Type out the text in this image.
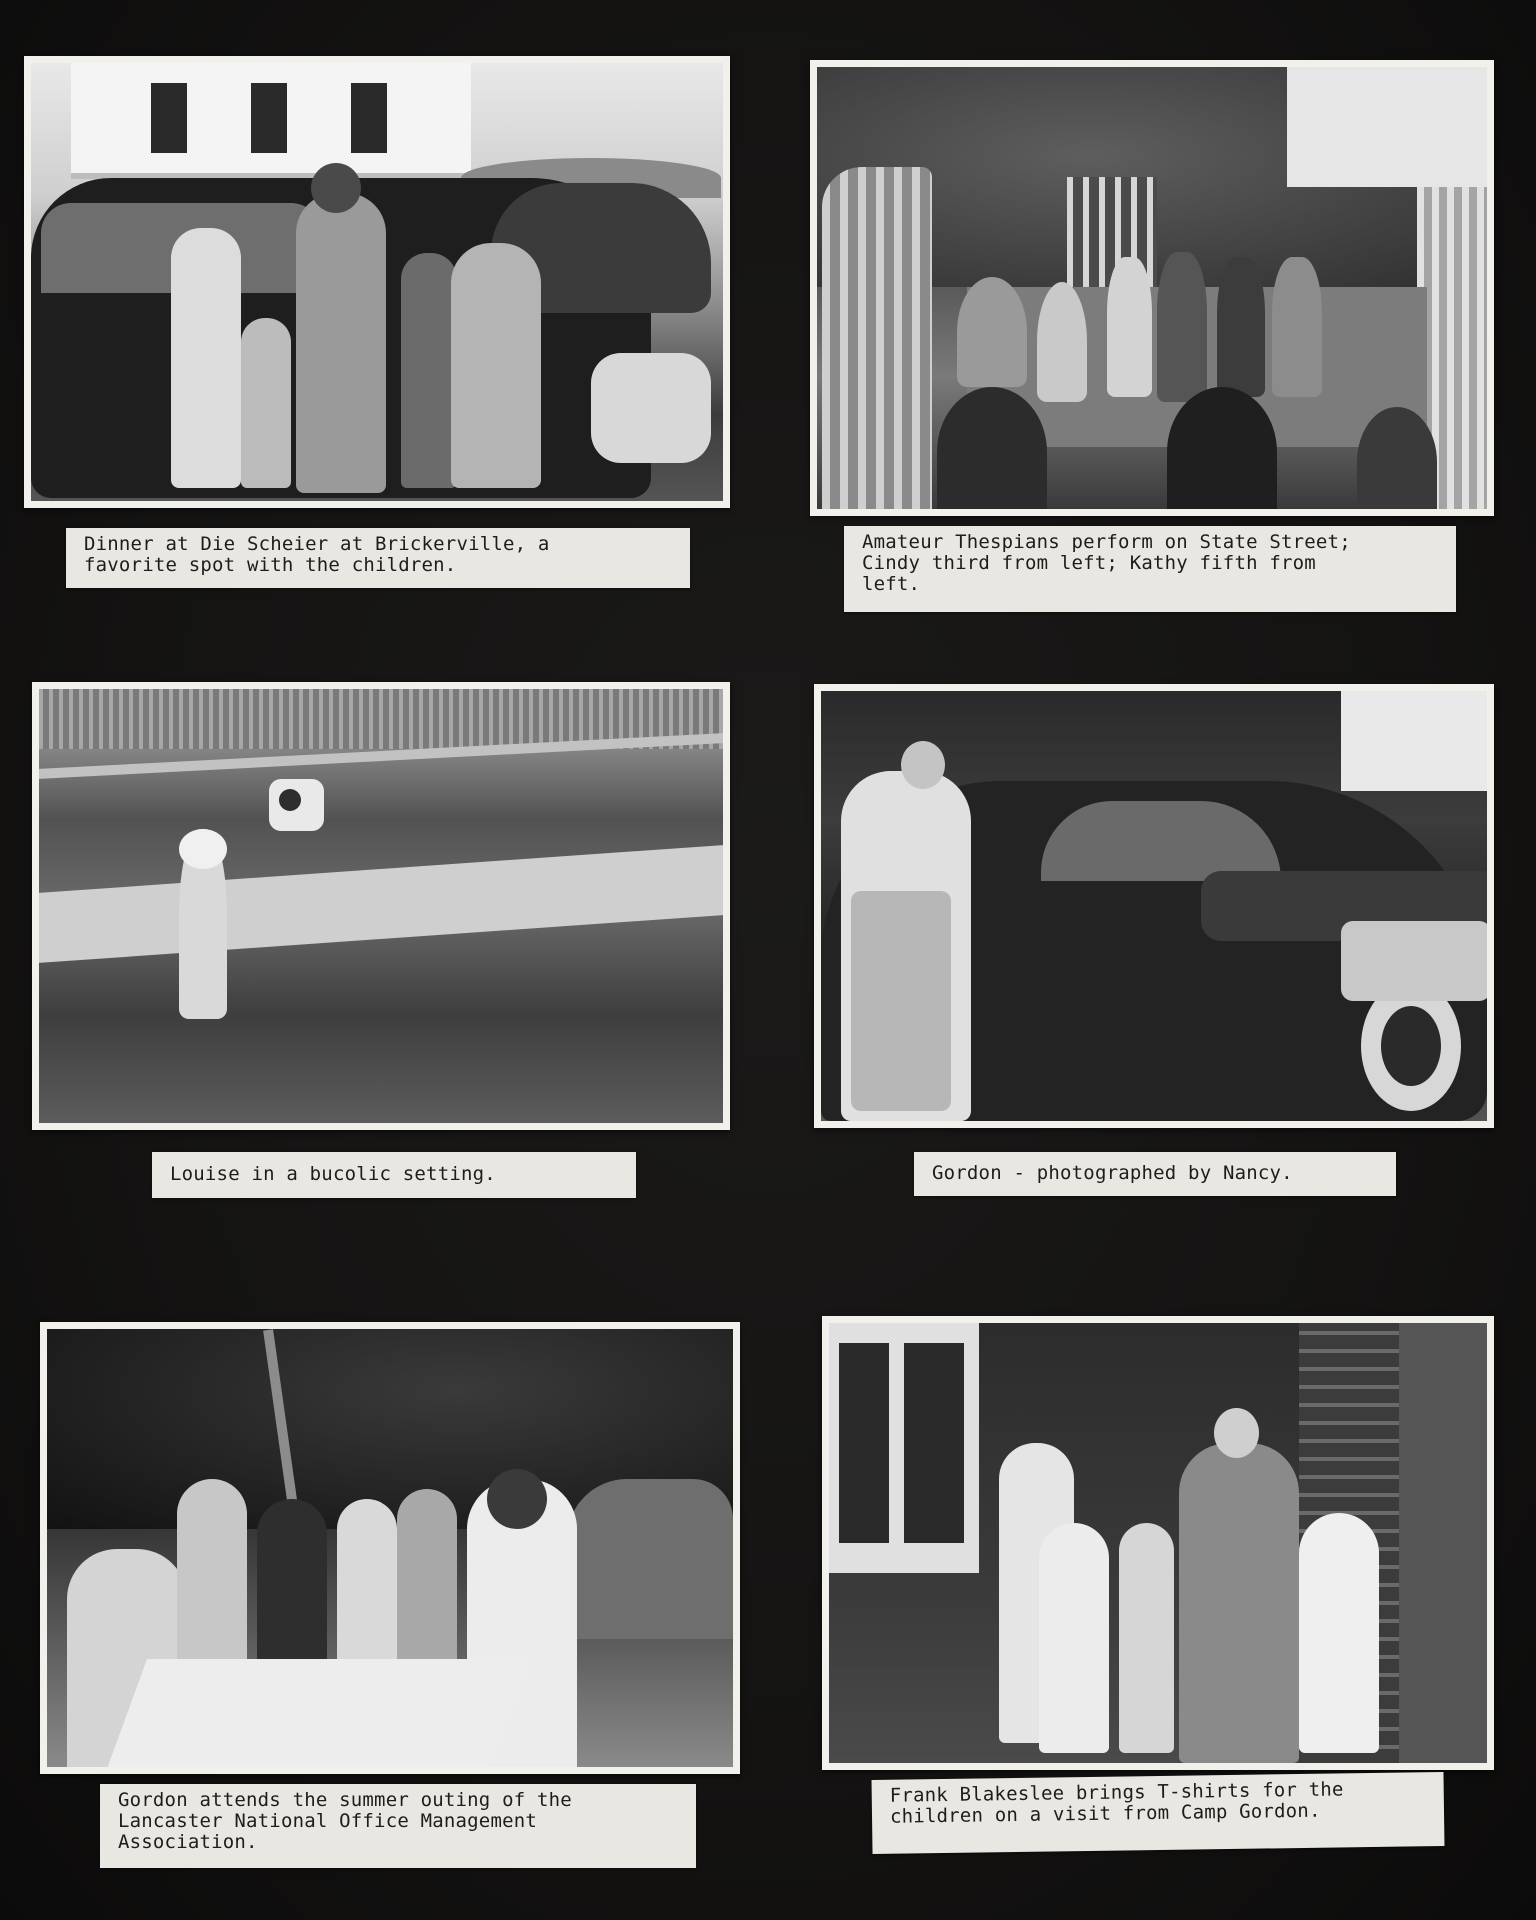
Dinner at Die Scheier at Brickerville, a
favorite spot with the children.
Amateur Thespians perform on State Street;
Cindy third from left; Kathy fifth from
left.
Louise in a bucolic setting.	Gordon - photographed by Nancy.
Gordon attends the summer outing of the
Lancaster National Office Management
Association.
Frank Blakeslee brings T-shirts for the
children on a visit from Camp Gordon.
